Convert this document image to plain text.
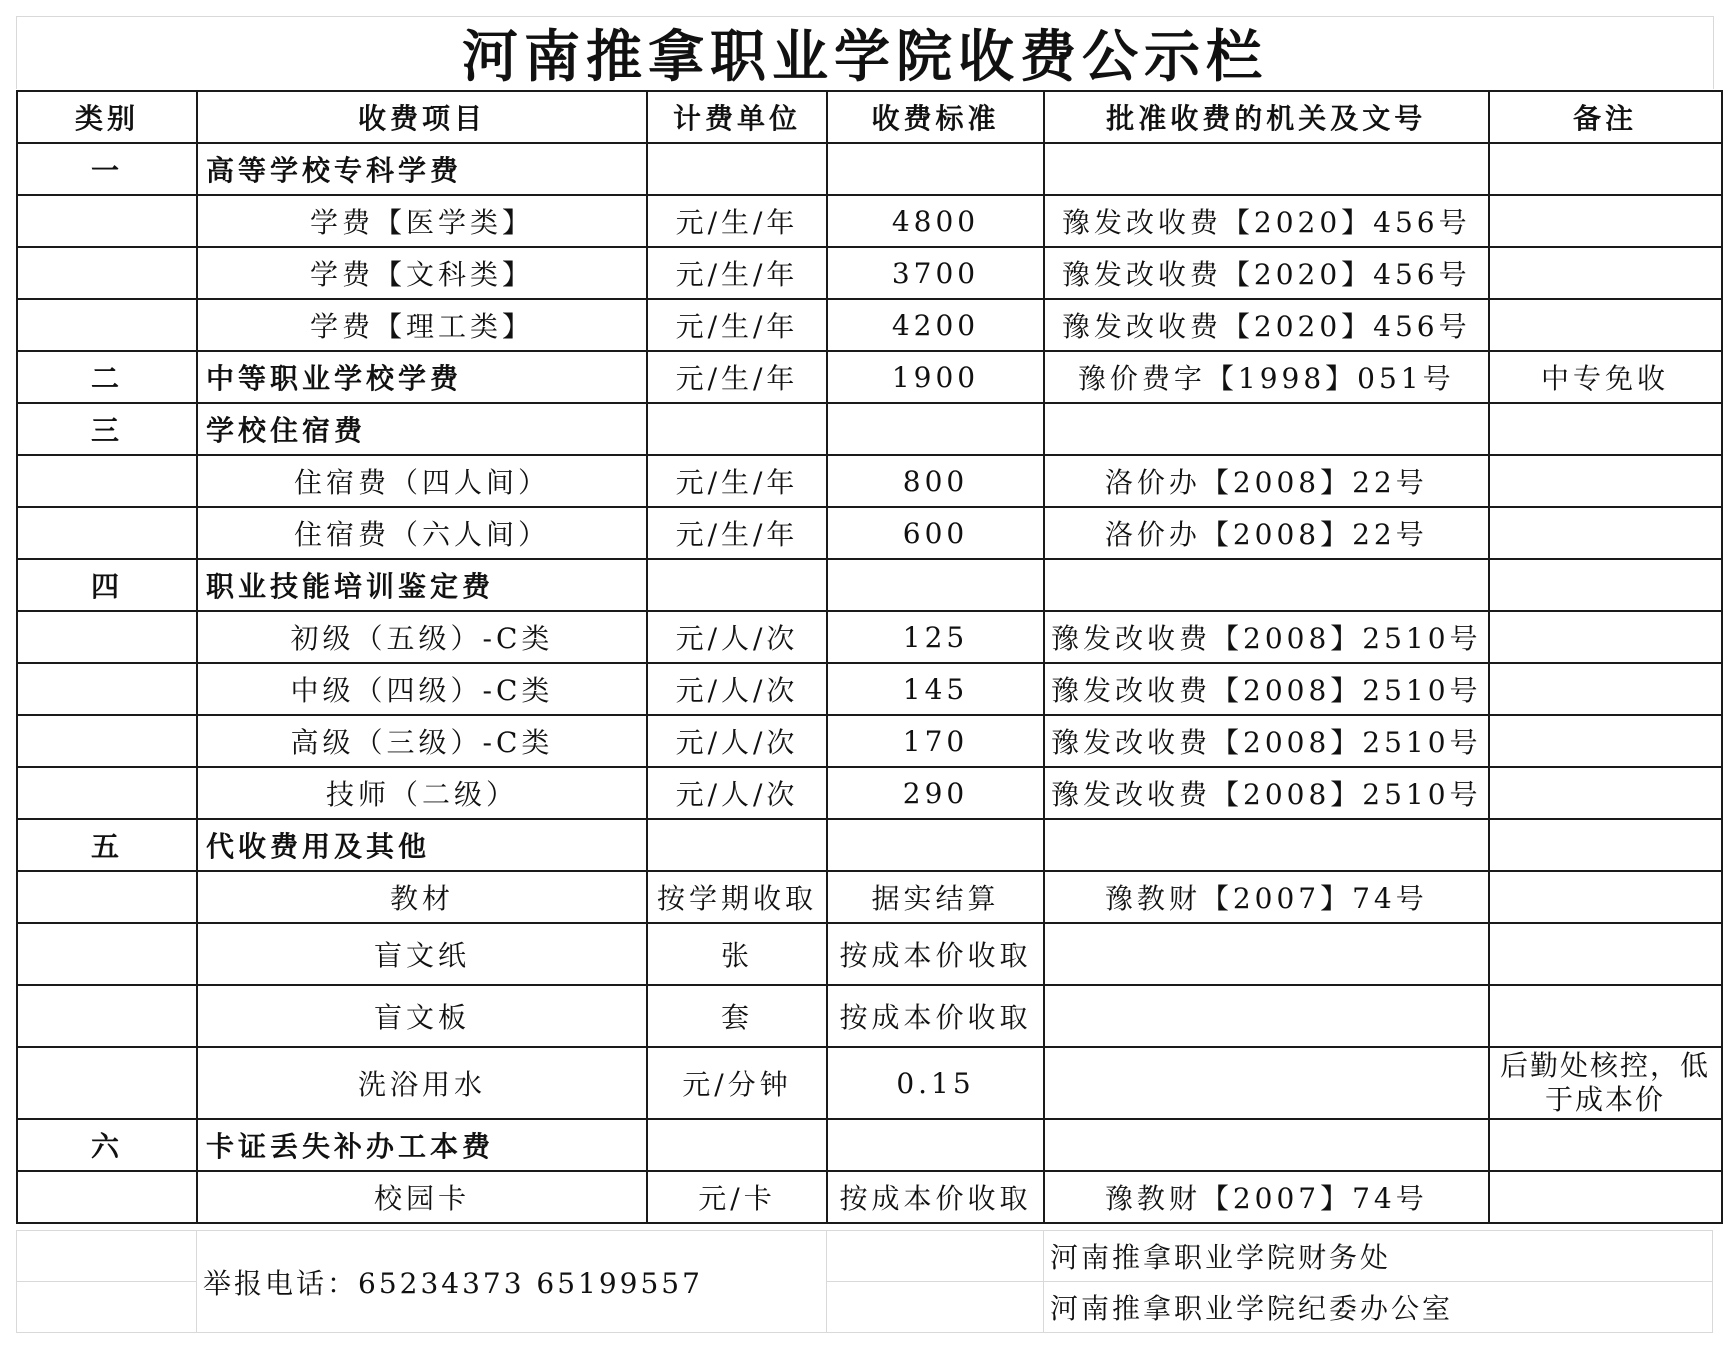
河南推拿职业学院收费公示栏
类别	收费项目	计费单位	收费标准	批准收费的机关及文号	备注
一	高等学校专科学费				
	学费【医学类】	元/生/年	4800	豫发改收费【2020】456号	
	学费【文科类】	元/生/年	3700	豫发改收费【2020】456号	
	学费【理工类】	元/生/年	4200	豫发改收费【2020】456号	
二	中等职业学校学费	元/生/年	1900	豫价费字【1998】051号	中专免收
三	学校住宿费				
	住宿费（四人间）	元/生/年	800	洛价办【2008】22号	
	住宿费（六人间）	元/生/年	600	洛价办【2008】22号	
四	职业技能培训鉴定费				
	初级（五级）-C类	元/人/次	125	豫发改收费【2008】2510号	
	中级（四级）-C类	元/人/次	145	豫发改收费【2008】2510号	
	高级（三级）-C类	元/人/次	170	豫发改收费【2008】2510号	
	技师（二级）	元/人/次	290	豫发改收费【2008】2510号	
五	代收费用及其他				
	教材	按学期收取	据实结算	豫教财【2007】74号	
	盲文纸	张	按成本价收取		
	盲文板	套	按成本价收取		
	洗浴用水	元/分钟	0.15		后勤处核控，低于成本价
六	卡证丢失补办工本费				
	校园卡	元/卡	按成本价收取	豫教财【2007】74号	
	举报电话：65234373 65199557		河南推拿职业学院财务处
			河南推拿职业学院纪委办公室
